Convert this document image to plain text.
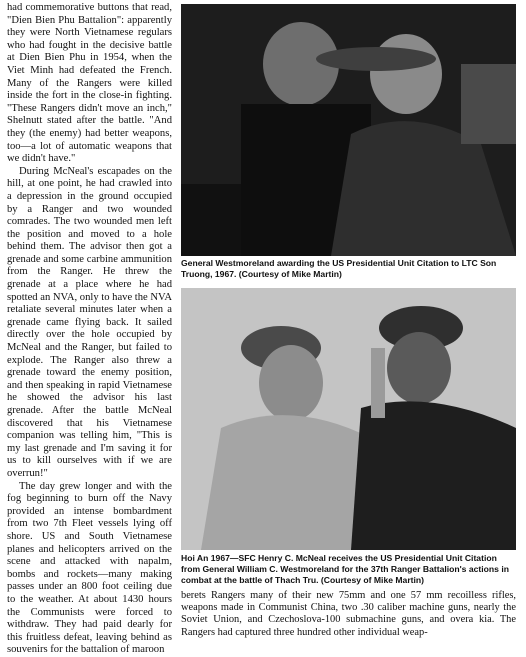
had commemorative buttons that read, "Dien Bien Phu Battalion": apparently they were North Vietnamese regulars who had fought in the decisive battle at Dien Bien Phu in 1954, when the Viet Minh had defeated the French. Many of the Rangers were killed inside the fort in the close-in fighting. "These Rangers didn't move an inch," Shelnutt stated after the battle. "And they (the enemy) had better weapons, too—a lot of automatic weapons that we didn't have."

During McNeal's escapades on the hill, at one point, he had crawled into a depression in the ground occupied by a Ranger and two wounded comrades. The two wounded men left the position and moved to a hole behind them. The advisor then got a grenade and some carbine ammunition from the Ranger. He threw the grenade at a place where he had spotted an NVA, only to have the NVA retaliate several minutes later when a grenade came flying back. It sailed directly over the hole occupied by McNeal and the Ranger, but failed to explode. The Ranger also threw a grenade toward the enemy position, and then speaking in rapid Vietnamese he showed the advisor his last grenade. After the battle McNeal discovered that his Vietnamese companion was telling him, "This is my last grenade and I'm saving it for us to kill ourselves with if we are overrun!"

The day grew longer and with the fog beginning to burn off the Navy provided an intense bombardment from two 7th Fleet vessels lying off shore. US and South Vietnamese planes and helicopters arrived on the scene and attacked with napalm, bombs and rockets—many making passes under an 800 foot ceiling due to the weather. At about 1430 hours the Communists were forced to withdraw. They had paid dearly for this fruitless defeat, leaving behind as souvenirs for the battalion of maroon

General Westmoreland awarding the US Presidential Unit Citation to LTC Son Truong, 1967. (Courtesy of Mike Martin)
Hoi An 1967—SFC Henry C. McNeal receives the US Presidential Unit Citation from General William C. Westmoreland for the 37th Ranger Battalion's actions in combat at the battle of Thach Tru. (Courtesy of Mike Martin)

berets Rangers many of their new 75mm and one 57 mm recoilless rifles, weapons made in Communist China, two .30 caliber machine guns, nearly the Soviet Union, and Czechoslova-100 submachine guns, and overa kia. The Rangers had captured three hundred other individual weap-
